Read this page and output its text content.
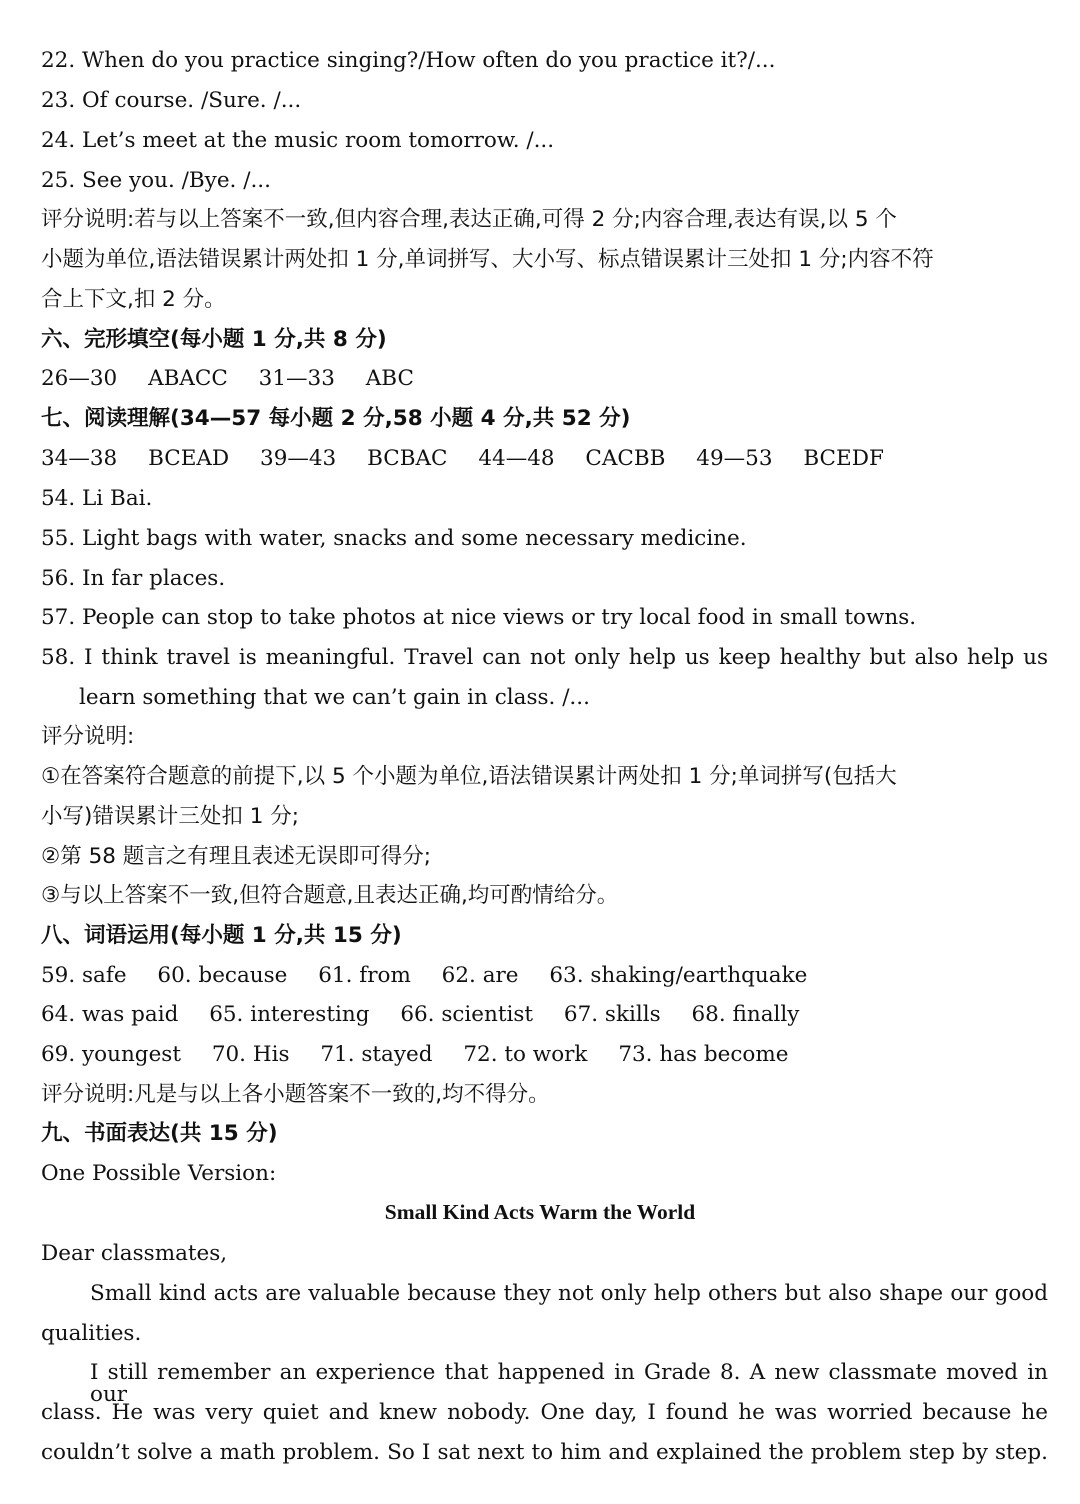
22. When do you practice singing?/How often do you practice it?/...
23. Of course. /Sure. /...
24. Let’s meet at the music room tomorrow. /...
25. See you. /Bye. /...
评分说明:若与以上答案不一致,但内容合理,表达正确,可得 2 分;内容合理,表达有误,以 5 个
小题为单位,语法错误累计两处扣 1 分,单词拼写、大小写、标点错误累计三处扣 1 分;内容不符
合上下文,扣 2 分。
六、完形填空(每小题 1 分,共 8 分)
26—30 ABACC 31—33 ABC
七、阅读理解(34—57 每小题 2 分,58 小题 4 分,共 52 分)
34—38 BCEAD 39—43 BCBAC 44—48 CACBB 49—53 BCEDF
54. Li Bai.
55. Light bags with water, snacks and some necessary medicine.
56. In far places.
57. People can stop to take photos at nice views or try local food in small towns.
58. I think travel is meaningful. Travel can not only help us keep healthy but also help us
learn something that we can’t gain in class. /...
评分说明:
①在答案符合题意的前提下,以 5 个小题为单位,语法错误累计两处扣 1 分;单词拼写(包括大
小写)错误累计三处扣 1 分;
②第 58 题言之有理且表述无误即可得分;
③与以上答案不一致,但符合题意,且表达正确,均可酌情给分。
八、词语运用(每小题 1 分,共 15 分)
59. safe 60. because 61. from 62. are 63. shaking/earthquake
64. was paid 65. interesting 66. scientist 67. skills 68. finally
69. youngest 70. His 71. stayed 72. to work 73. has become
评分说明:凡是与以上各小题答案不一致的,均不得分。
九、书面表达(共 15 分)
One Possible Version:
Small Kind Acts Warm the World
Dear classmates,
Small kind acts are valuable because they not only help others but also shape our good
qualities.
I still remember an experience that happened in Grade 8. A new classmate moved in our
class. He was very quiet and knew nobody. One day, I found he was worried because he
couldn’t solve a math problem. So I sat next to him and explained the problem step by step.
